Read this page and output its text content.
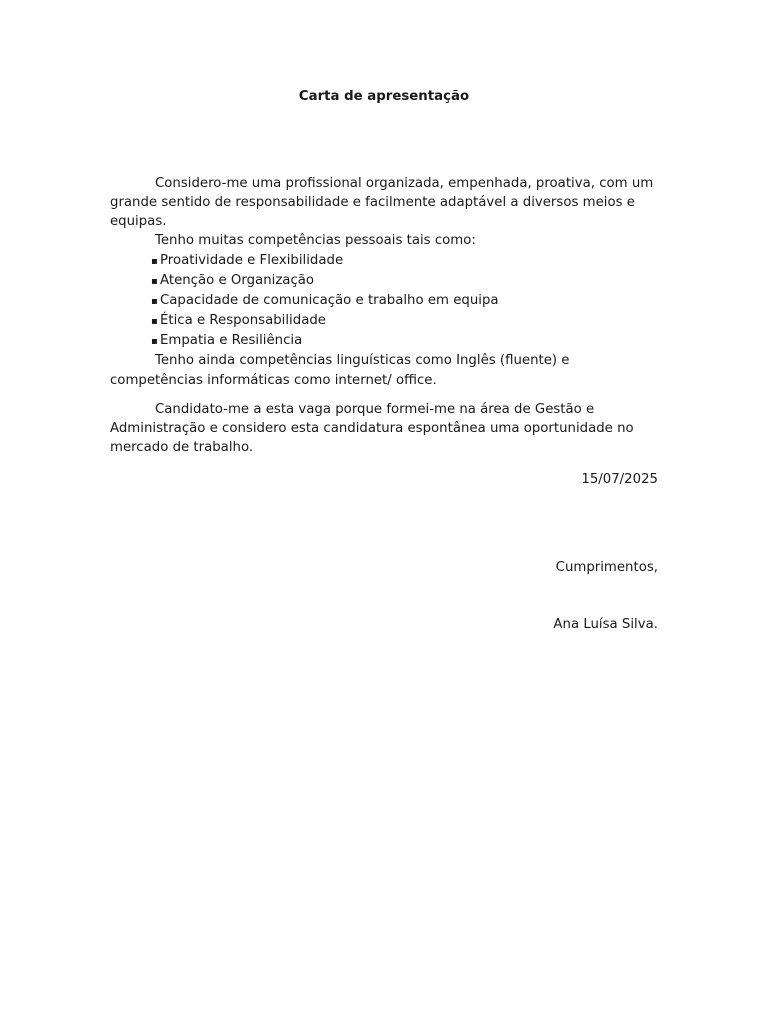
Carta de apresentação

Considero-me uma profissional organizada, empenhada, proativa, com um grande sentido de responsabilidade e facilmente adaptável a diversos meios e equipas.

Tenho muitas competências pessoais tais como:

▪ Proatividade e Flexibilidade
▪ Atenção e Organização
▪ Capacidade de comunicação e trabalho em equipa
▪ Ética e Responsabilidade
▪ Empatia e Resiliência

Tenho ainda competências linguísticas como Inglês (fluente) e competências informáticas como internet/ office.

Candidato-me a esta vaga porque formei-me na área de Gestão e Administração e considero esta candidatura espontânea uma oportunidade no mercado de trabalho.

15/07/2025
Cumprimentos,
Ana Luísa Silva.
